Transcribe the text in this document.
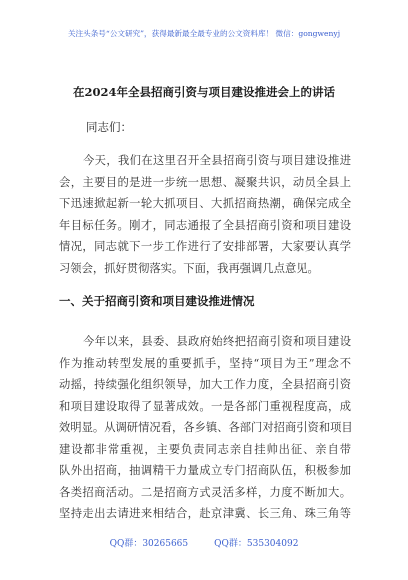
关注头条号“公文研究”，获得最新最全最专业的公文资料库！ 微信：gongwenyj
在2024年全县招商引资与项目建设推进会上的讲话
同志们：
今天，我们在这里召开全县招商引资与项目建设推进
会，主要目的是进一步统一思想、凝聚共识，动员全县上
下迅速掀起新一轮大抓项目、大抓招商热潮，确保完成全
年目标任务。刚才，同志通报了全县招商引资和项目建设
情况，同志就下一步工作进行了安排部署，大家要认真学
习领会，抓好贯彻落实。下面，我再强调几点意见。
一、关于招商引资和项目建设推进情况
今年以来，县委、县政府始终把招商引资和项目建设
作为推动转型发展的重要抓手，坚持“项目为王”理念不
动摇，持续强化组织领导，加大工作力度，全县招商引资
和项目建设取得了显著成效。一是各部门重视程度高，成
效明显。从调研情况看，各乡镇、各部门对招商引资和项目
建设都非常重视，主要负责同志亲自挂帅出征、亲自带
队外出招商，抽调精干力量成立专门招商队伍，积极参加
各类招商活动。二是招商方式灵活多样，力度不断加大。
坚持走出去请进来相结合，赴京津冀、长三角、珠三角等
QQ群：30265665	QQ群：535304092
